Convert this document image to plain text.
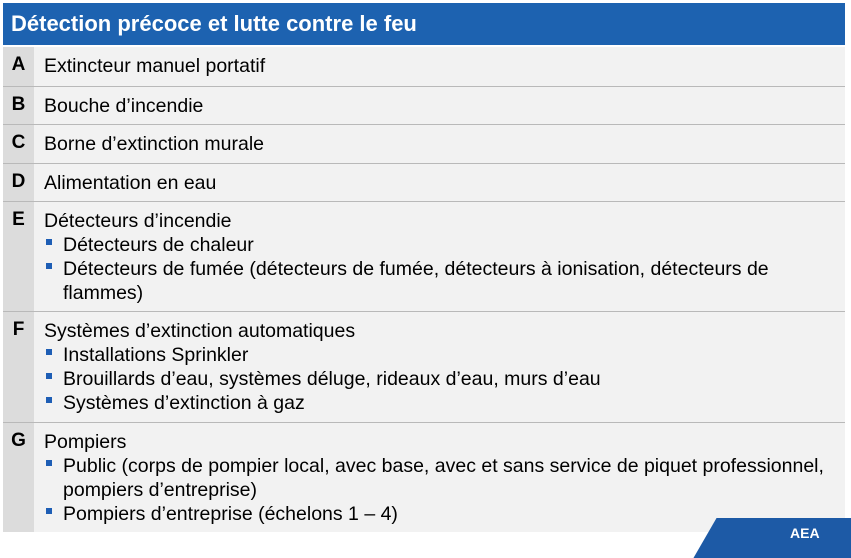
Détection précoce et lutte contre le feu
A Extincteur manuel portatif
B Bouche d’incendie
C Borne d’extinction murale
D Alimentation en eau
E Détecteurs d’incendie
Détecteurs de chaleur
Détecteurs de fumée (détecteurs de fumée, détecteurs à ionisation, détecteurs de flammes)
F	Systèmes d’extinction automatiques
Installations Sprinkler
Brouillards d’eau, systèmes déluge, rideaux d’eau, murs d’eau
Systèmes d’extinction à gaz
G Pompiers
Public (corps de pompier local, avec base, avec et sans service de piquet professionnel, pompiers d’entreprise)
Pompiers d’entreprise (échelons 1 – 4)
AEA
